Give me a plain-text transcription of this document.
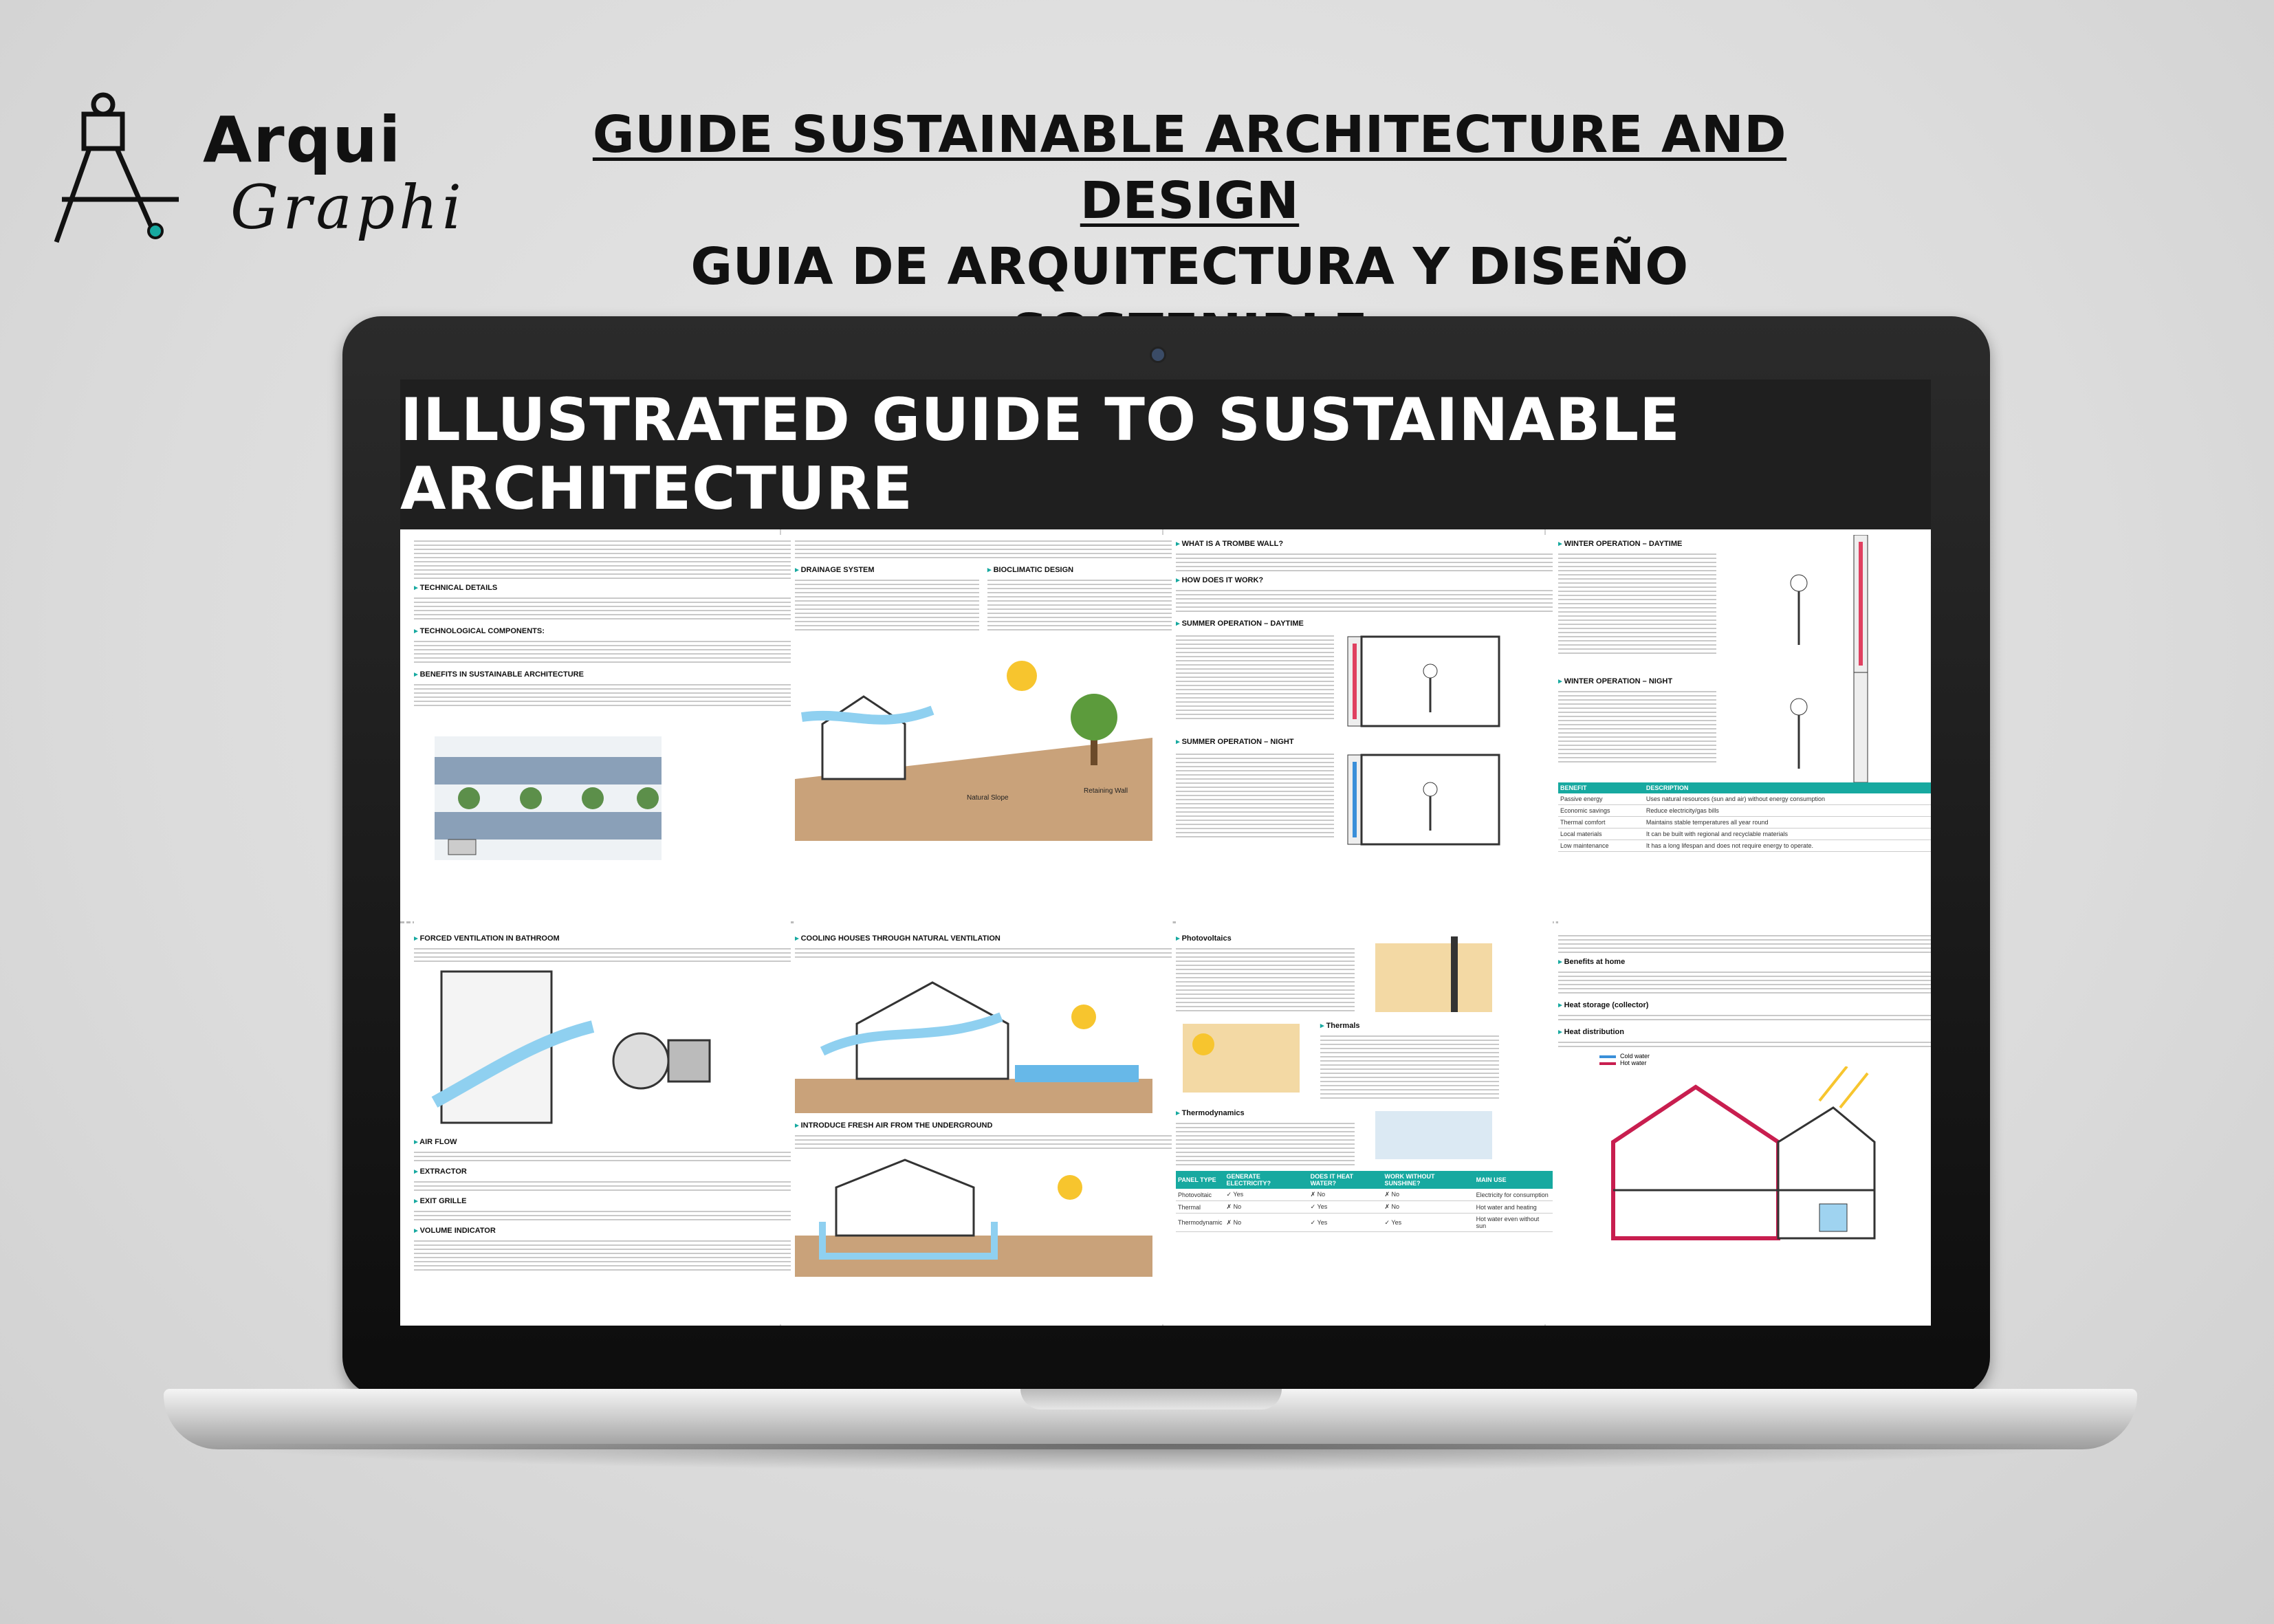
Arqui
Graphi
GUIDE SUSTAINABLE ARCHITECTURE AND DESIGN
GUIA DE ARQUITECTURA Y DISEÑO
ILLUSTRATED GUIDE TO SUSTAINABLE ARCHITECTURE
▸ TECHNICAL DETAILS
▸ TECHNOLOGICAL COMPONENTS:
▸ BENEFITS IN SUSTAINABLE ARCHITECTURE
▸ DRAINAGE SYSTEM	▸ BIOCLIMATIC DESIGN
Natural Slope
Retaining Wall
▸ WHAT IS A TROMBE WALL?
▸ HOW DOES IT WORK?
▸ SUMMER OPERATION – DAYTIME
▸ SUMMER OPERATION – NIGHT
▸ WINTER OPERATION – DAYTIME
▸ WINTER OPERATION – NIGHT
BENEFIT	DESCRIPTION
Passive energy	Uses natural resources (sun and air) without energy consumption
Economic savings	Reduce electricity/gas bills
Thermal comfort	Maintains stable temperatures all year round
Local materials	It can be built with regional and recyclable materials
Low maintenance	It has a long lifespan and does not require energy to operate.
▸ FORCED VENTILATION IN BATHROOM
▸ AIR FLOW
▸ EXTRACTOR
▸ EXIT GRILLE
▸ VOLUME INDICATOR
▸ COOLING HOUSES THROUGH NATURAL VENTILATION
▸ INTRODUCE FRESH AIR FROM THE UNDERGROUND
▸ Photovoltaics
▸ Thermals
▸ Thermodynamics
PANEL TYPE	GENERATE ELECTRICITY?	DOES IT HEAT WATER?	WORK WITHOUT SUNSHINE?	MAIN USE
Photovoltaic	✓ Yes	✗ No	✗ No	Electricity for consumption
Thermal	✗ No	✓ Yes	✗ No	Hot water and heating
Thermodynamic	✗ No	✓ Yes	✓ Yes	Hot water even without sun
▸ Benefits at home
▸ Heat storage (collector)
▸ Heat distribution
Cold water
Hot water
